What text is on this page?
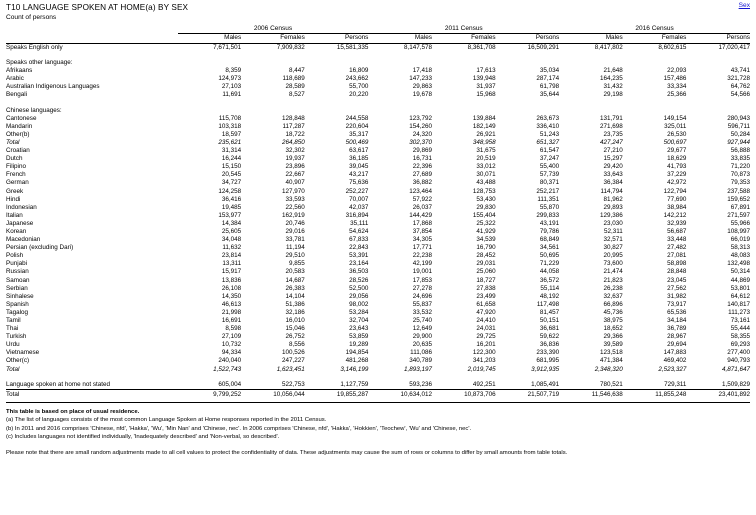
T10 LANGUAGE SPOKEN AT HOME(a) BY SEX
Count of persons
Sex

	2006 Census			2011 Census			2016 Census		

	Males	Females	Persons	Males	Females	Persons	Males	Females	Persons

Speaks English only	7,671,501	7,909,832	15,581,335	8,147,578	8,361,708	16,509,291	8,417,802	8,602,615	17,020,417

Speaks other language:									
Afrikaans	8,359	8,447	16,809	17,418	17,613	35,034	21,648	22,093	43,741
Arabic	124,973	118,689	243,662	147,233	139,948	287,174	164,235	157,486	321,728
Australian Indigenous Languages	27,103	28,589	55,700	29,863	31,937	61,798	31,432	33,334	64,762
Bengali	11,691	8,527	20,220	19,678	15,968	35,644	29,198	25,366	54,566

Chinese languages:									
Cantonese	115,708	128,848	244,558	123,792	139,884	263,673	131,791	149,154	280,943
Mandarin	103,318	117,287	220,604	154,260	182,149	336,410	271,698	325,011	596,711
Other(b)	18,597	18,722	35,317	24,320	26,921	51,243	23,735	26,530	50,284
Total	235,621	264,850	500,469	302,370	348,958	651,327	427,247	500,697	927,944
Croatian	31,314	32,302	63,617	29,869	31,675	61,547	27,210	29,677	56,888
Dutch	16,244	19,937	36,185	16,731	20,519	37,247	15,297	18,629	33,835
Filipino	15,150	23,896	39,045	22,396	33,012	55,400	29,420	41,793	71,220
French	20,545	22,667	43,217	27,689	30,071	57,739	33,643	37,229	70,873
German	34,727	40,907	75,636	36,882	43,488	80,371	36,384	42,972	79,353
Greek	124,258	127,970	252,227	123,464	128,753	252,217	114,794	122,794	237,588
Hindi	36,416	33,593	70,007	57,922	53,430	111,351	81,962	77,690	159,652
Indonesian	19,485	22,560	42,037	26,037	29,830	55,870	29,893	38,984	67,891
Italian	153,977	162,919	316,894	144,429	155,404	299,833	129,386	142,212	271,597
Japanese	14,384	20,746	35,111	17,868	25,322	43,191	23,030	32,939	55,966
Korean	25,605	29,016	54,624	37,854	41,929	79,786	52,311	56,687	108,997
Macedonian	34,048	33,781	67,833	34,305	34,539	68,849	32,571	33,448	66,019
Persian (excluding Dari)	11,632	11,194	22,843	17,771	16,790	34,561	30,827	27,482	58,313
Polish	23,814	29,510	53,391	22,238	28,452	50,695	20,995	27,081	48,083
Punjabi	13,311	9,855	23,164	42,199	29,031	71,229	73,600	58,898	132,498
Russian	15,917	20,583	36,503	19,001	25,060	44,058	21,474	28,848	50,314
Samoan	13,836	14,687	28,526	17,853	18,727	36,572	21,823	23,045	44,869
Serbian	26,108	26,383	52,500	27,278	27,838	55,114	26,238	27,562	53,801
Sinhalese	14,350	14,104	29,056	24,696	23,499	48,192	32,637	31,982	64,612
Spanish	46,613	51,386	98,002	55,837	61,658	117,498	66,896	73,917	140,817
Tagalog	21,998	32,186	53,284	33,532	47,920	81,457	45,736	65,536	111,273
Tamil	16,691	16,010	32,704	25,740	24,410	50,151	38,975	34,184	73,161
Thai	8,598	15,046	23,643	12,649	24,031	36,681	18,652	36,789	55,444
Turkish	27,109	26,752	53,859	29,900	29,725	59,622	29,366	28,967	58,355
Urdu	10,732	8,556	19,289	20,635	16,201	36,836	39,589	29,694	69,293
Vietnamese	94,334	100,526	194,854	111,086	122,300	233,390	123,518	147,883	277,400
Other(c)	240,040	247,227	481,268	340,789	341,203	681,995	471,384	469,402	940,793
Total	1,522,743	1,623,451	3,146,199	1,893,197	2,019,745	3,912,935	2,348,320	2,523,327	4,871,647

Language spoken at home not stated	605,004	522,753	1,127,759	593,236	492,251	1,085,491	780,521	729,311	1,509,829
Total	9,799,252	10,056,044	19,855,287	10,634,012	10,873,706	21,507,719	11,546,638	11,855,248	23,401,892

This table is based on place of usual residence.
(a) The list of languages consists of the most common Language Spoken at Home responses reported in the 2011 Census.
(b) In 2011 and 2016 comprises 'Chinese, nfd', 'Hakka', 'Wu', 'Min Nan' and 'Chinese, nec'. In 2006 comprises 'Chinese, nfd', 'Hakka', 'Hokkien', 'Teochew', 'Wu' and 'Chinese, nec'.
(c) Includes languages not identified individually, 'Inadequately described' and 'Non-verbal, so described'.
Please note that there are small random adjustments made to all cell values to protect the confidentiality of data. These adjustments may cause the sum of rows or columns to differ by small amounts from table totals.
